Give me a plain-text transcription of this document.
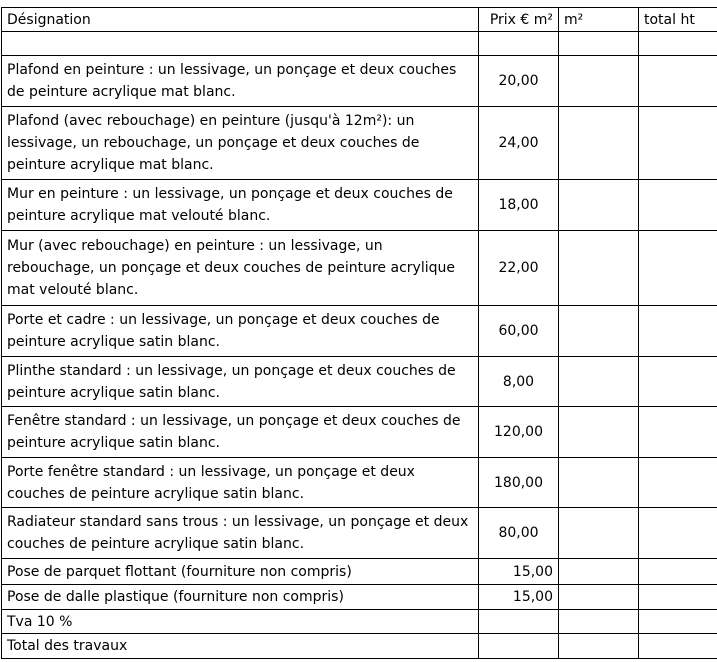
Désignation	Prix € m²	m²	total ht

Plafond en peinture : un lessivage, un ponçage et deux couches de peinture acrylique mat blanc.	20,00		
Plafond (avec rebouchage) en peinture (jusqu'à 12m²): un lessivage, un rebouchage, un ponçage et deux couches de peinture acrylique mat blanc.	24,00		
Mur en peinture : un lessivage, un ponçage et deux couches de peinture acrylique mat velouté blanc.	18,00		
Mur (avec rebouchage) en peinture : un lessivage, un rebouchage, un ponçage et deux couches de peinture acrylique mat velouté blanc.	22,00		
Porte et cadre : un lessivage, un ponçage et deux couches de peinture acrylique satin blanc.	60,00		
Plinthe standard : un lessivage, un ponçage et deux couches de peinture acrylique satin blanc.	8,00		
Fenêtre standard : un lessivage, un ponçage et deux couches de peinture acrylique satin blanc.	120,00		
Porte fenêtre standard : un lessivage, un ponçage et deux couches de peinture acrylique satin blanc.	180,00		
Radiateur standard sans trous : un lessivage, un ponçage et deux couches de peinture acrylique satin blanc.	80,00		
Pose de parquet flottant (fourniture non compris)	15,00		
Pose de dalle plastique (fourniture non compris)	15,00		
Tva 10 %			
Total des travaux			
